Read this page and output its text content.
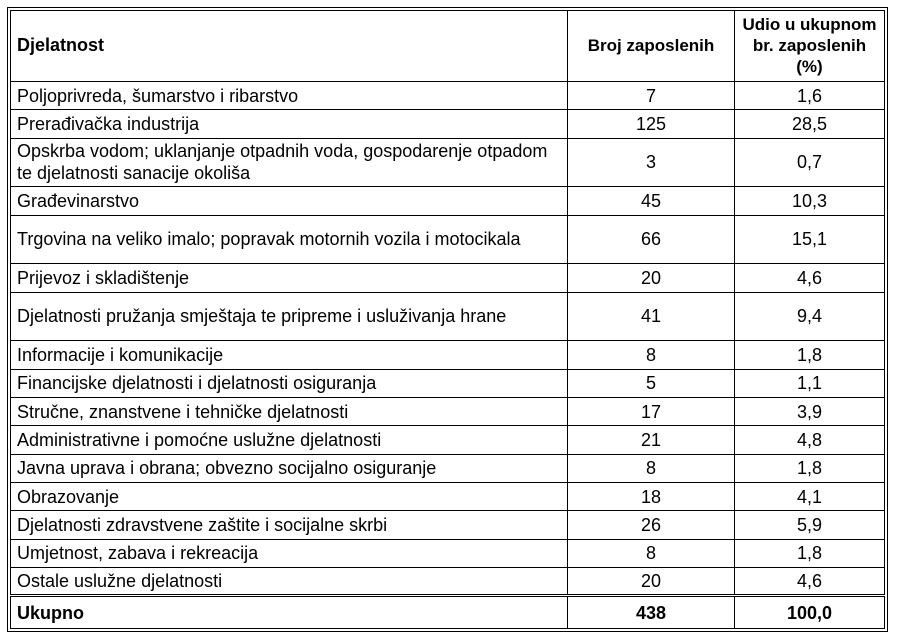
Djelatnost	Broj zaposlenih	Udio u ukupnom br. zaposlenih (%)
Poljoprivreda, šumarstvo i ribarstvo	7	1,6
Prerađivačka industrija	125	28,5
Opskrba vodom; uklanjanje otpadnih voda, gospodarenje otpadom te djelatnosti sanacije okoliša	3	0,7
Građevinarstvo	45	10,3
Trgovina na veliko imalo; popravak motornih vozila i motocikala	66	15,1
Prijevoz i skladištenje	20	4,6
Djelatnosti pružanja smještaja te pripreme i usluživanja hrane	41	9,4
Informacije i komunikacije	8	1,8
Financijske djelatnosti i djelatnosti osiguranja	5	1,1
Stručne, znanstvene i tehničke djelatnosti	17	3,9
Administrativne i pomoćne uslužne djelatnosti	21	4,8
Javna uprava i obrana; obvezno socijalno osiguranje	8	1,8
Obrazovanje	18	4,1
Djelatnosti zdravstvene zaštite i socijalne skrbi	26	5,9
Umjetnost, zabava i rekreacija	8	1,8
Ostale uslužne djelatnosti	20	4,6
Ukupno	438	100,0
